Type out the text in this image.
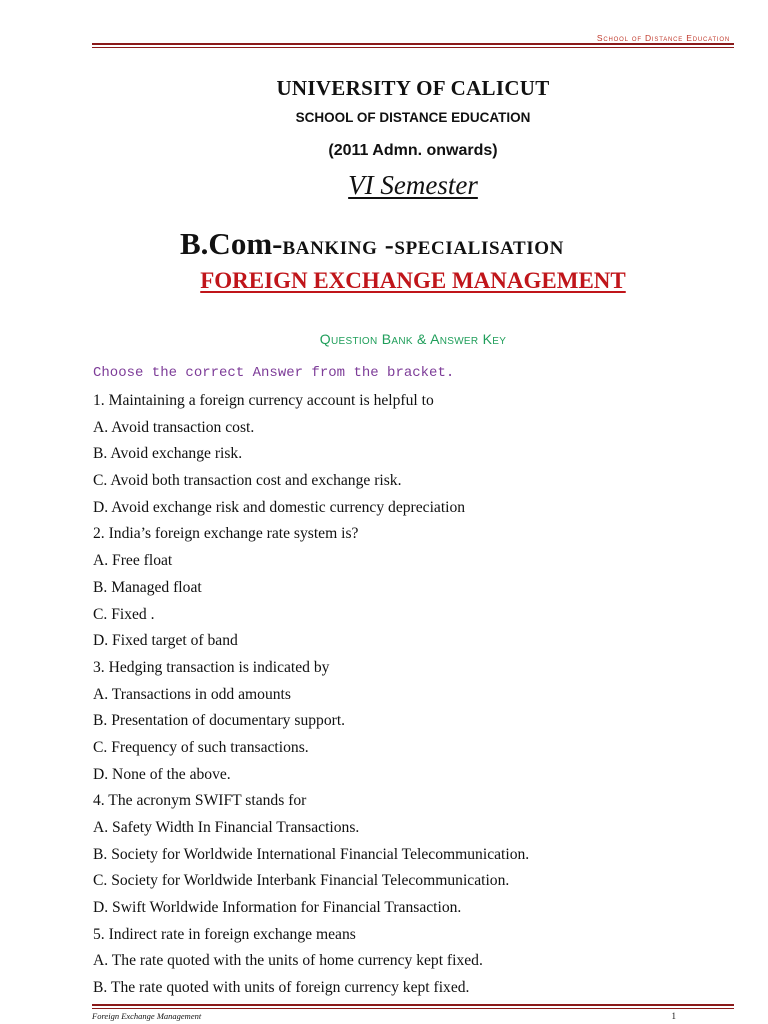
School of Distance Education
UNIVERSITY OF CALICUT
SCHOOL OF DISTANCE EDUCATION
(2011 Admn. onwards)
VI Semester
B.Com-banking -specialisation
FOREIGN EXCHANGE MANAGEMENT
Question Bank & Answer Key
Choose the correct Answer from the bracket.
1. Maintaining a foreign currency account is helpful to
A. Avoid transaction cost.
B. Avoid exchange risk.
C. Avoid both transaction cost and exchange risk.
D. Avoid exchange risk and domestic currency depreciation
2. India’s foreign exchange rate system is?
A. Free float
B. Managed float
C. Fixed .
D. Fixed target of band
3. Hedging transaction is indicated by
A. Transactions in odd amounts
B. Presentation of documentary support.
C. Frequency of such transactions.
D. None of the above.
4. The acronym SWIFT stands for
A. Safety Width In Financial Transactions.
B. Society for Worldwide International Financial Telecommunication.
C. Society for Worldwide Interbank Financial Telecommunication.
D. Swift Worldwide Information for Financial Transaction.
5. Indirect rate in foreign exchange means
A. The rate quoted with the units of home currency kept fixed.
B. The rate quoted with units of foreign currency kept fixed.
Foreign Exchange Management	1
